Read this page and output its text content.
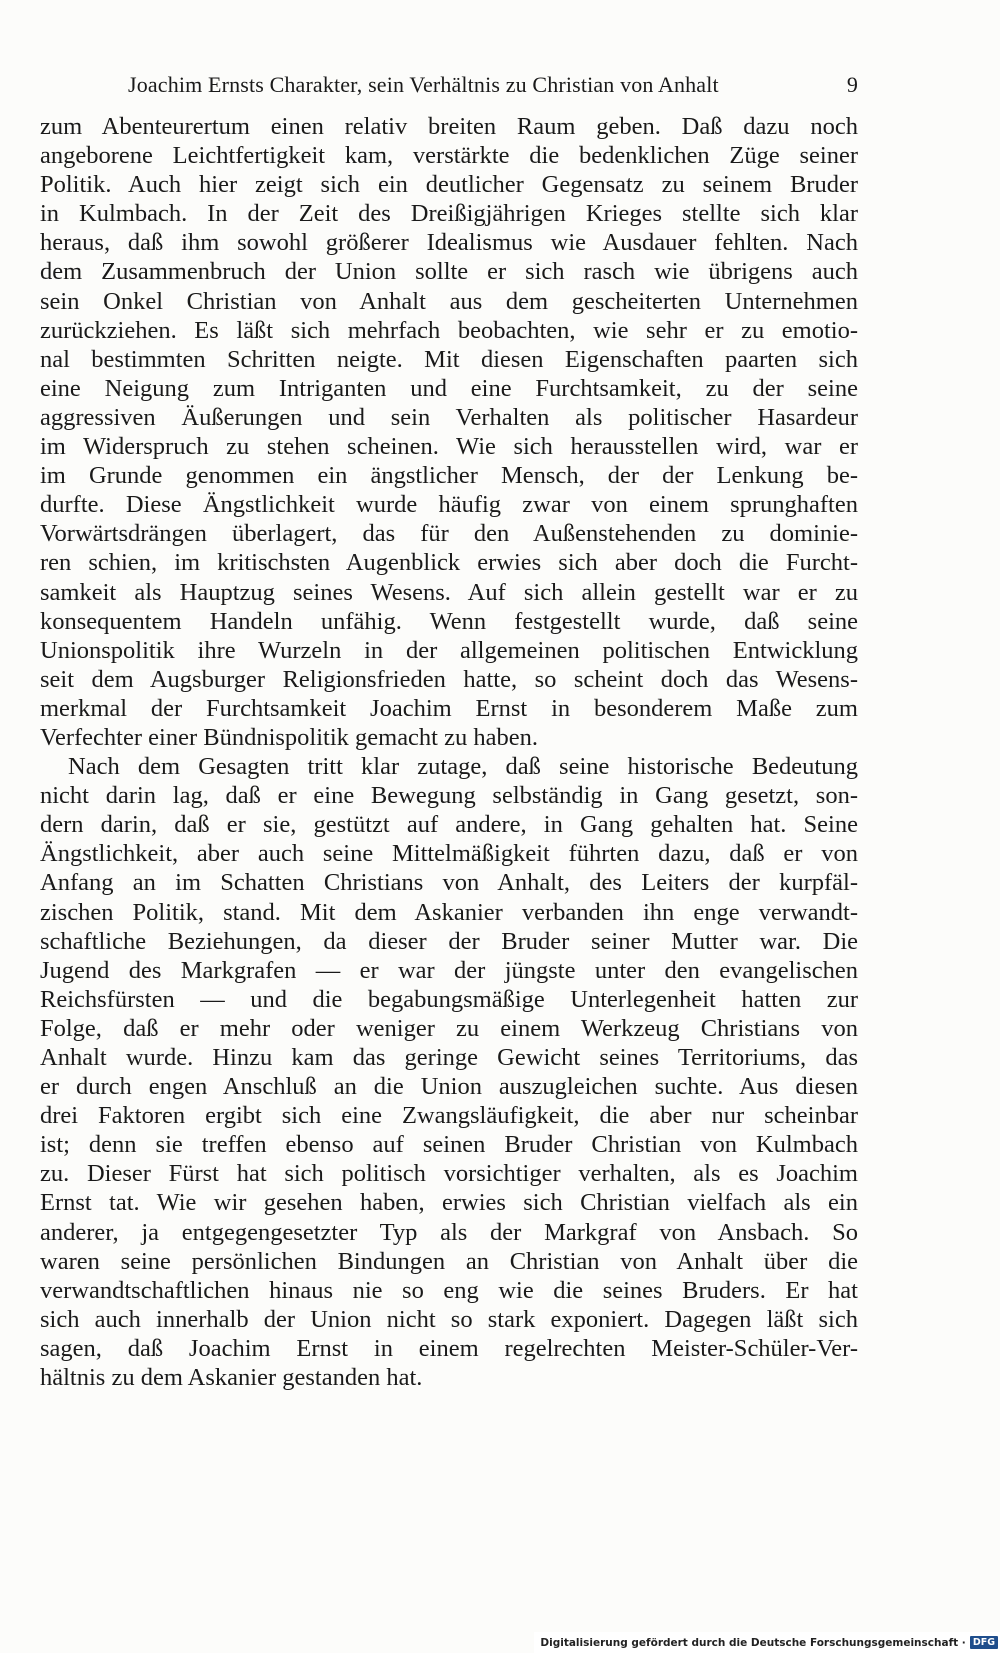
Joachim Ernsts Charakter, sein Verhältnis zu Christian von Anhalt	9
zum Abenteurertum einen relativ breiten Raum geben. Daß dazu noch
angeborene Leichtfertigkeit kam, verstärkte die bedenklichen Züge seiner
Politik. Auch hier zeigt sich ein deutlicher Gegensatz zu seinem Bruder
in Kulmbach. In der Zeit des Dreißigjährigen Krieges stellte sich klar
heraus, daß ihm sowohl größerer Idealismus wie Ausdauer fehlten. Nach
dem Zusammenbruch der Union sollte er sich rasch wie übrigens auch
sein Onkel Christian von Anhalt aus dem gescheiterten Unternehmen
zurückziehen. Es läßt sich mehrfach beobachten, wie sehr er zu emotio-
nal bestimmten Schritten neigte. Mit diesen Eigenschaften paarten sich
eine Neigung zum Intriganten und eine Furchtsamkeit, zu der seine
aggressiven Äußerungen und sein Verhalten als politischer Hasardeur
im Widerspruch zu stehen scheinen. Wie sich herausstellen wird, war er
im Grunde genommen ein ängstlicher Mensch, der der Lenkung be-
durfte. Diese Ängstlichkeit wurde häufig zwar von einem sprunghaften
Vorwärtsdrängen überlagert, das für den Außenstehenden zu dominie-
ren schien, im kritischsten Augenblick erwies sich aber doch die Furcht-
samkeit als Hauptzug seines Wesens. Auf sich allein gestellt war er zu
konsequentem Handeln unfähig. Wenn festgestellt wurde, daß seine
Unionspolitik ihre Wurzeln in der allgemeinen politischen Entwicklung
seit dem Augsburger Religionsfrieden hatte, so scheint doch das Wesens-
merkmal der Furchtsamkeit Joachim Ernst in besonderem Maße zum
Verfechter einer Bündnispolitik gemacht zu haben.
Nach dem Gesagten tritt klar zutage, daß seine historische Bedeutung
nicht darin lag, daß er eine Bewegung selbständig in Gang gesetzt, son-
dern darin, daß er sie, gestützt auf andere, in Gang gehalten hat. Seine
Ängstlichkeit, aber auch seine Mittelmäßigkeit führten dazu, daß er von
Anfang an im Schatten Christians von Anhalt, des Leiters der kurpfäl-
zischen Politik, stand. Mit dem Askanier verbanden ihn enge verwandt-
schaftliche Beziehungen, da dieser der Bruder seiner Mutter war. Die
Jugend des Markgrafen — er war der jüngste unter den evangelischen
Reichsfürsten — und die begabungsmäßige Unterlegenheit hatten zur
Folge, daß er mehr oder weniger zu einem Werkzeug Christians von
Anhalt wurde. Hinzu kam das geringe Gewicht seines Territoriums, das
er durch engen Anschluß an die Union auszugleichen suchte. Aus diesen
drei Faktoren ergibt sich eine Zwangsläufigkeit, die aber nur scheinbar
ist; denn sie treffen ebenso auf seinen Bruder Christian von Kulmbach
zu. Dieser Fürst hat sich politisch vorsichtiger verhalten, als es Joachim
Ernst tat. Wie wir gesehen haben, erwies sich Christian vielfach als ein
anderer, ja entgegengesetzter Typ als der Markgraf von Ansbach. So
waren seine persönlichen Bindungen an Christian von Anhalt über die
verwandtschaftlichen hinaus nie so eng wie die seines Bruders. Er hat
sich auch innerhalb der Union nicht so stark exponiert. Dagegen läßt sich
sagen, daß Joachim Ernst in einem regelrechten Meister-Schüler-Ver-
hältnis zu dem Askanier gestanden hat.
Digitalisierung gefördert durch die Deutsche Forschungsgemeinschaft · DFG
